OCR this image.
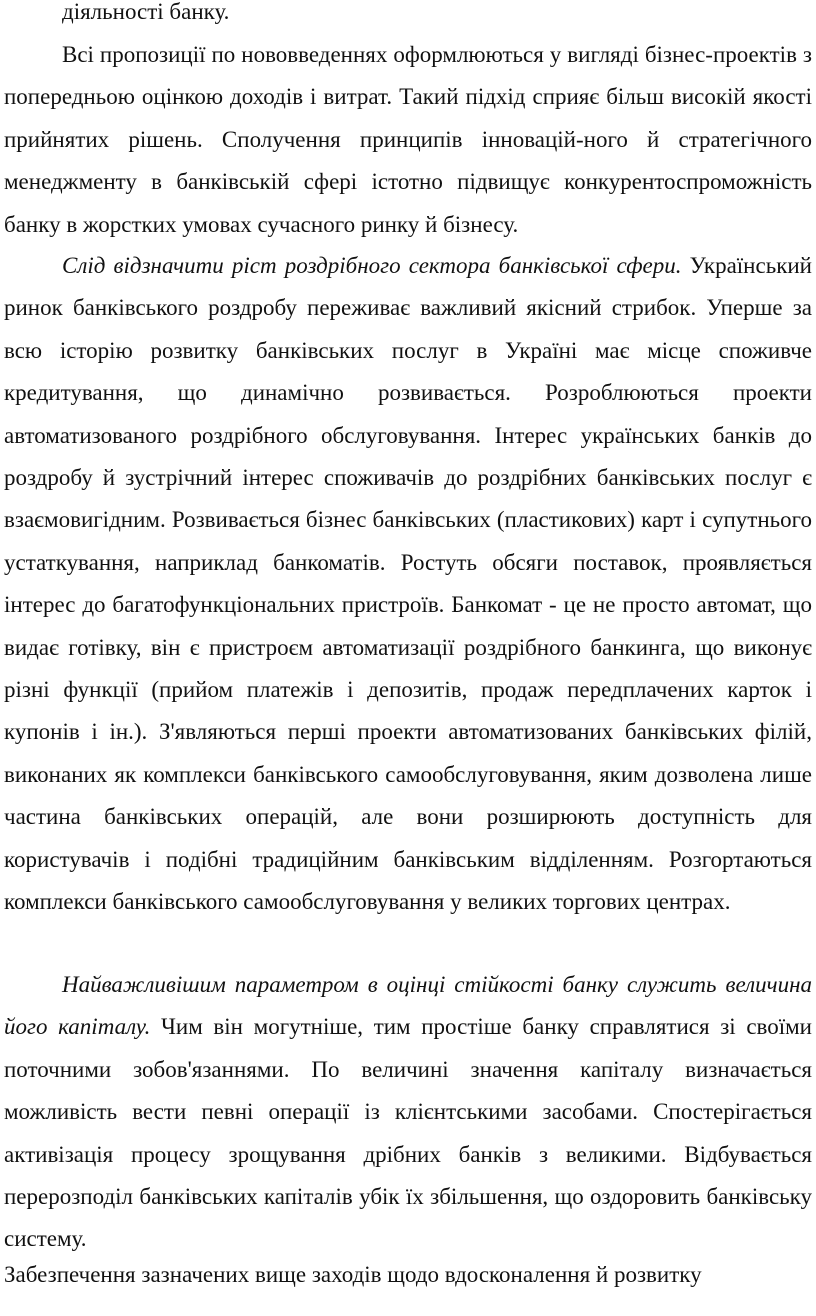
діяльності банку.

Всі пропозиції по нововведеннях оформлюються у вигляді бізнес-проектів з попередньою оцінкою доходів і витрат. Такий підхід сприяє більш високій якості прийнятих рішень. Сполучення принципів інновацій-ного й стратегічного менеджменту в банківській сфері істотно підвищує конкурентоспроможність банку в жорстких умовах сучасного ринку й бізнесу.

Слід відзначити ріст роздрібного сектора банківської сфери. Український ринок банківського роздробу переживає важливий якісний стрибок. Уперше за всю історію розвитку банківських послуг в Україні має місце споживче кредитування, що динамічно розвивається. Розроблюються проекти автоматизованого роздрібного обслуговування. Інтерес українських банків до роздробу й зустрічний інтерес споживачів до роздрібних банківських послуг є взаємовигідним. Розвивається бізнес банківських (пластикових) карт і супутнього устаткування, наприклад банкоматів. Ростуть обсяги поставок, проявляється інтерес до багатофункціональних пристроїв. Банкомат - це не просто автомат, що видає готівку, він є пристроєм автоматизації роздрібного банкинга, що виконує різні функції (прийом платежів і депозитів, продаж передплачених карток і купонів і ін.). З'являються перші проекти автоматизованих банківських філій, виконаних як комплекси банківського самообслуговування, яким дозволена лише частина банківських операцій, але вони розширюють доступність для користувачів і подібні традиційним банківським відділенням. Розгортаються комплекси банківського самообслуговування у великих торгових центрах.

Найважливішим параметром в оцінці стійкості банку служить величина його капіталу. Чим він могутніше, тим простіше банку справлятися зі своїми поточними зобов'язаннями. По величині значення капіталу визначається можливість вести певні операції із клієнтськими засобами. Спостерігається активізація процесу зрощування дрібних банків з великими. Відбувається перерозподіл банківських капіталів убік їх збільшення, що оздоровить банківську систему.

Забезпечення зазначених вище заходів щодо вдосконалення й розвитку
